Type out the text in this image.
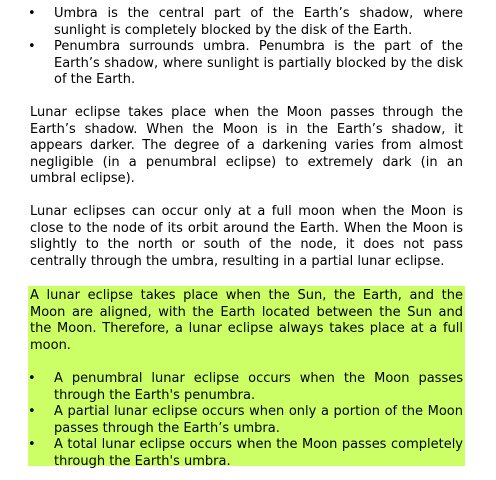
• Umbra is the central part of the Earth’s shadow, where sunlight is completely blocked by the disk of the Earth.
• Penumbra surrounds umbra. Penumbra is the part of the Earth’s shadow, where sunlight is partially blocked by the disk of the Earth.

Lunar eclipse takes place when the Moon passes through the Earth’s shadow. When the Moon is in the Earth’s shadow, it appears darker. The degree of a darkening varies from almost negligible (in a penumbral eclipse) to extremely dark (in an umbral eclipse).

Lunar eclipses can occur only at a full moon when the Moon is close to the node of its orbit around the Earth. When the Moon is slightly to the north or south of the node, it does not pass centrally through the umbra, resulting in a partial lunar eclipse.

A lunar eclipse takes place when the Sun, the Earth, and the Moon are aligned, with the Earth located between the Sun and the Moon. Therefore, a lunar eclipse always takes place at a full moon.

• A penumbral lunar eclipse occurs when the Moon passes through the Earth's penumbra.
• A partial lunar eclipse occurs when only a portion of the Moon passes through the Earth’s umbra.
• A total lunar eclipse occurs when the Moon passes completely through the Earth's umbra.
